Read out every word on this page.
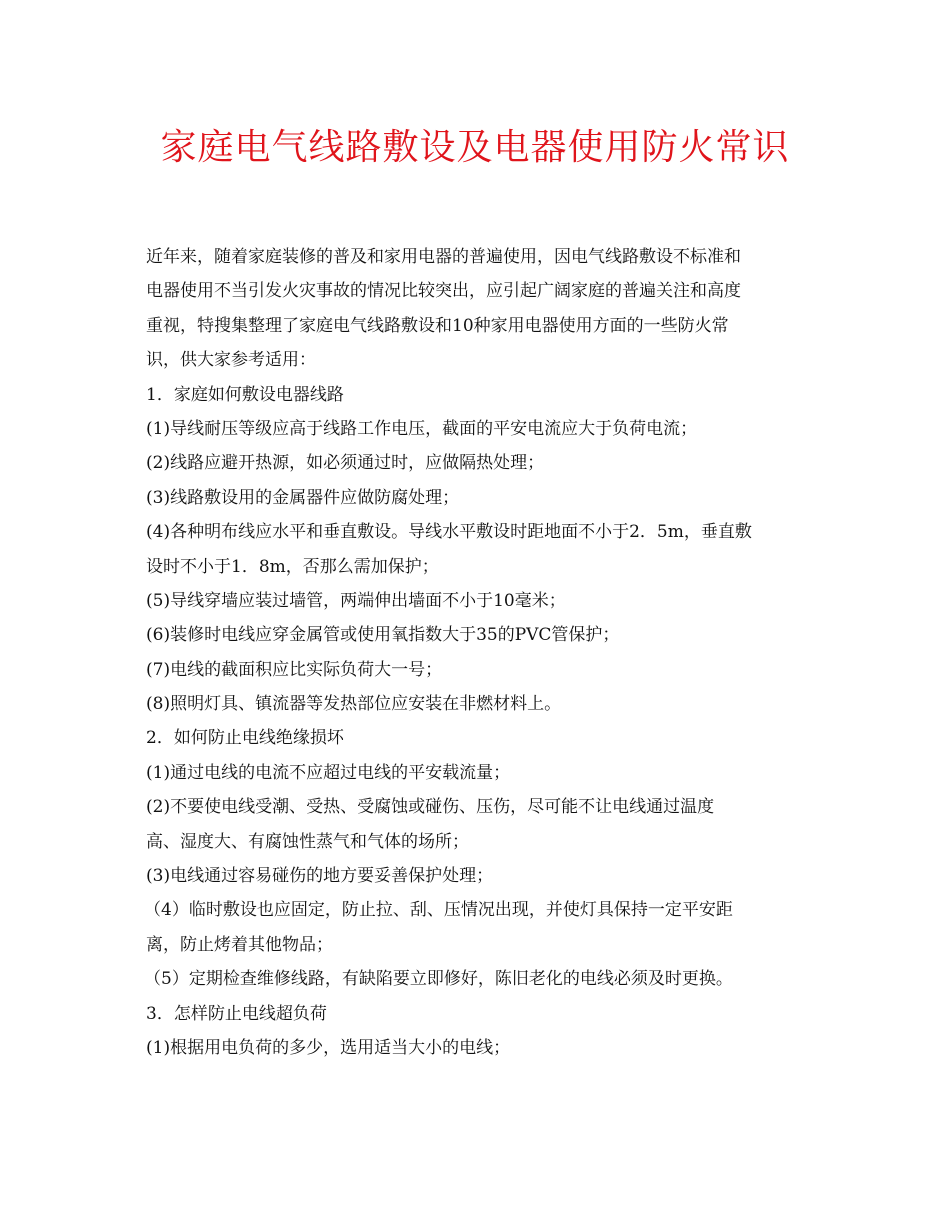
家庭电气线路敷设及电器使用防火常识
近年来，随着家庭装修的普及和家用电器的普遍使用，因电气线路敷设不标准和
电器使用不当引发火灾事故的情况比较突出，应引起广阔家庭的普遍关注和高度
重视，特搜集整理了家庭电气线路敷设和10种家用电器使用方面的一些防火常
识，供大家参考适用：
1．家庭如何敷设电器线路
(1)导线耐压等级应高于线路工作电压，截面的平安电流应大于负荷电流；
(2)线路应避开热源，如必须通过时，应做隔热处理；
(3)线路敷设用的金属器件应做防腐处理；
(4)各种明布线应水平和垂直敷设。导线水平敷设时距地面不小于2．5m，垂直敷
设时不小于1．8m，否那么需加保护；
(5)导线穿墙应装过墙管，两端伸出墙面不小于10毫米；
(6)装修时电线应穿金属管或使用氧指数大于35的PVC管保护；
(7)电线的截面积应比实际负荷大一号；
(8)照明灯具、镇流器等发热部位应安装在非燃材料上。
2．如何防止电线绝缘损坏
(1)通过电线的电流不应超过电线的平安载流量；
(2)不要使电线受潮、受热、受腐蚀或碰伤、压伤，尽可能不让电线通过温度
高、湿度大、有腐蚀性蒸气和气体的场所；
(3)电线通过容易碰伤的地方要妥善保护处理；
（4）临时敷设也应固定，防止拉、刮、压情况出现，并使灯具保持一定平安距
离，防止烤着其他物品；
（5）定期检查维修线路，有缺陷要立即修好，陈旧老化的电线必须及时更换。
3．怎样防止电线超负荷
(1)根据用电负荷的多少，选用适当大小的电线；
